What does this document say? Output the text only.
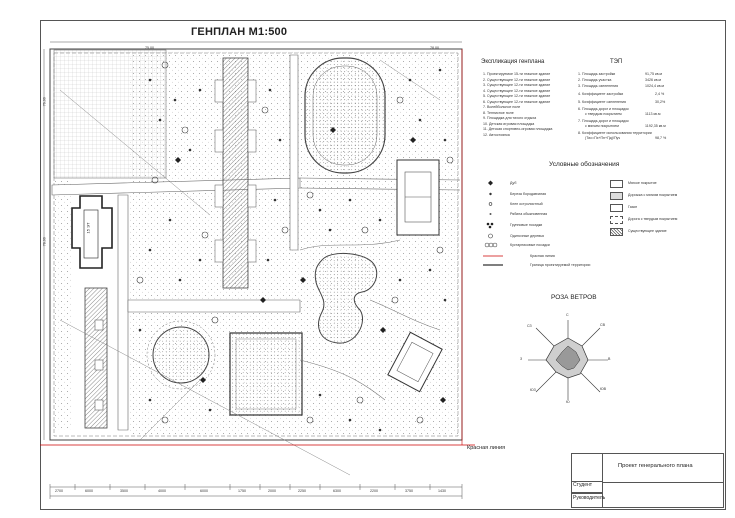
ГЕНПЛАН М1:500
15 ЭТ
75,00	78,00
76,00
78,00
2700	6000	3500	4000	6000	1750	2000	2250	6300	2200	3750	1430
Красная линия
Экспликация генплана
1. Проектируемое 15-ти этажное здание
2. Существующее 12-ти этажное здание
3. Существующее 12-ти этажное здание
4. Существующее 12-ти этажное здание
5. Существующее 12-ти этажное здание
6. Существующее 12-ти этажное здание
7. Волейбольное поле
8. Теннисное поле
9. Площадка для тихого отдыха
10. Детская игровая площадка
11. Детская спортивно-игровая площадка
12. Автостоянка
ТЭП
1. Площадь застройки	91,75 кв.м
2. Площадь участка	3426 кв.м
3. Площадь озеленения	1024,4 кв.м
4. Коэффициент застройки	2,4 %
5. Коэффициент озеленения	30,2%
6. Площадь дорог и площадок
с твердым покрытием	1113 кв.м
7. Площадь дорог и площадок
с мягким покрытием	1192,35 кв.м
8. Коэффициент использования территории
(Тис=Пз+Пп+Пд)/Пуч	98,7 %
Условные обозначения
Дуб
Береза бородавчатая
Клен остролистный
Рябина обыкновенная
Групповые посадки
Одиночные деревья
Кустарниковые посадки
Красная линия
Граница проектируемой территории
Мягкое покрытие
Дорожка с мягким покрытием
Газон
Дорога с твердым покрытием
Существующее здание
РОЗА ВЕТРОВ
С
СВ
В
ЮВ
Ю
ЮЗ
З
СЗ
Проект генерального плана
Студент
Руководитель
